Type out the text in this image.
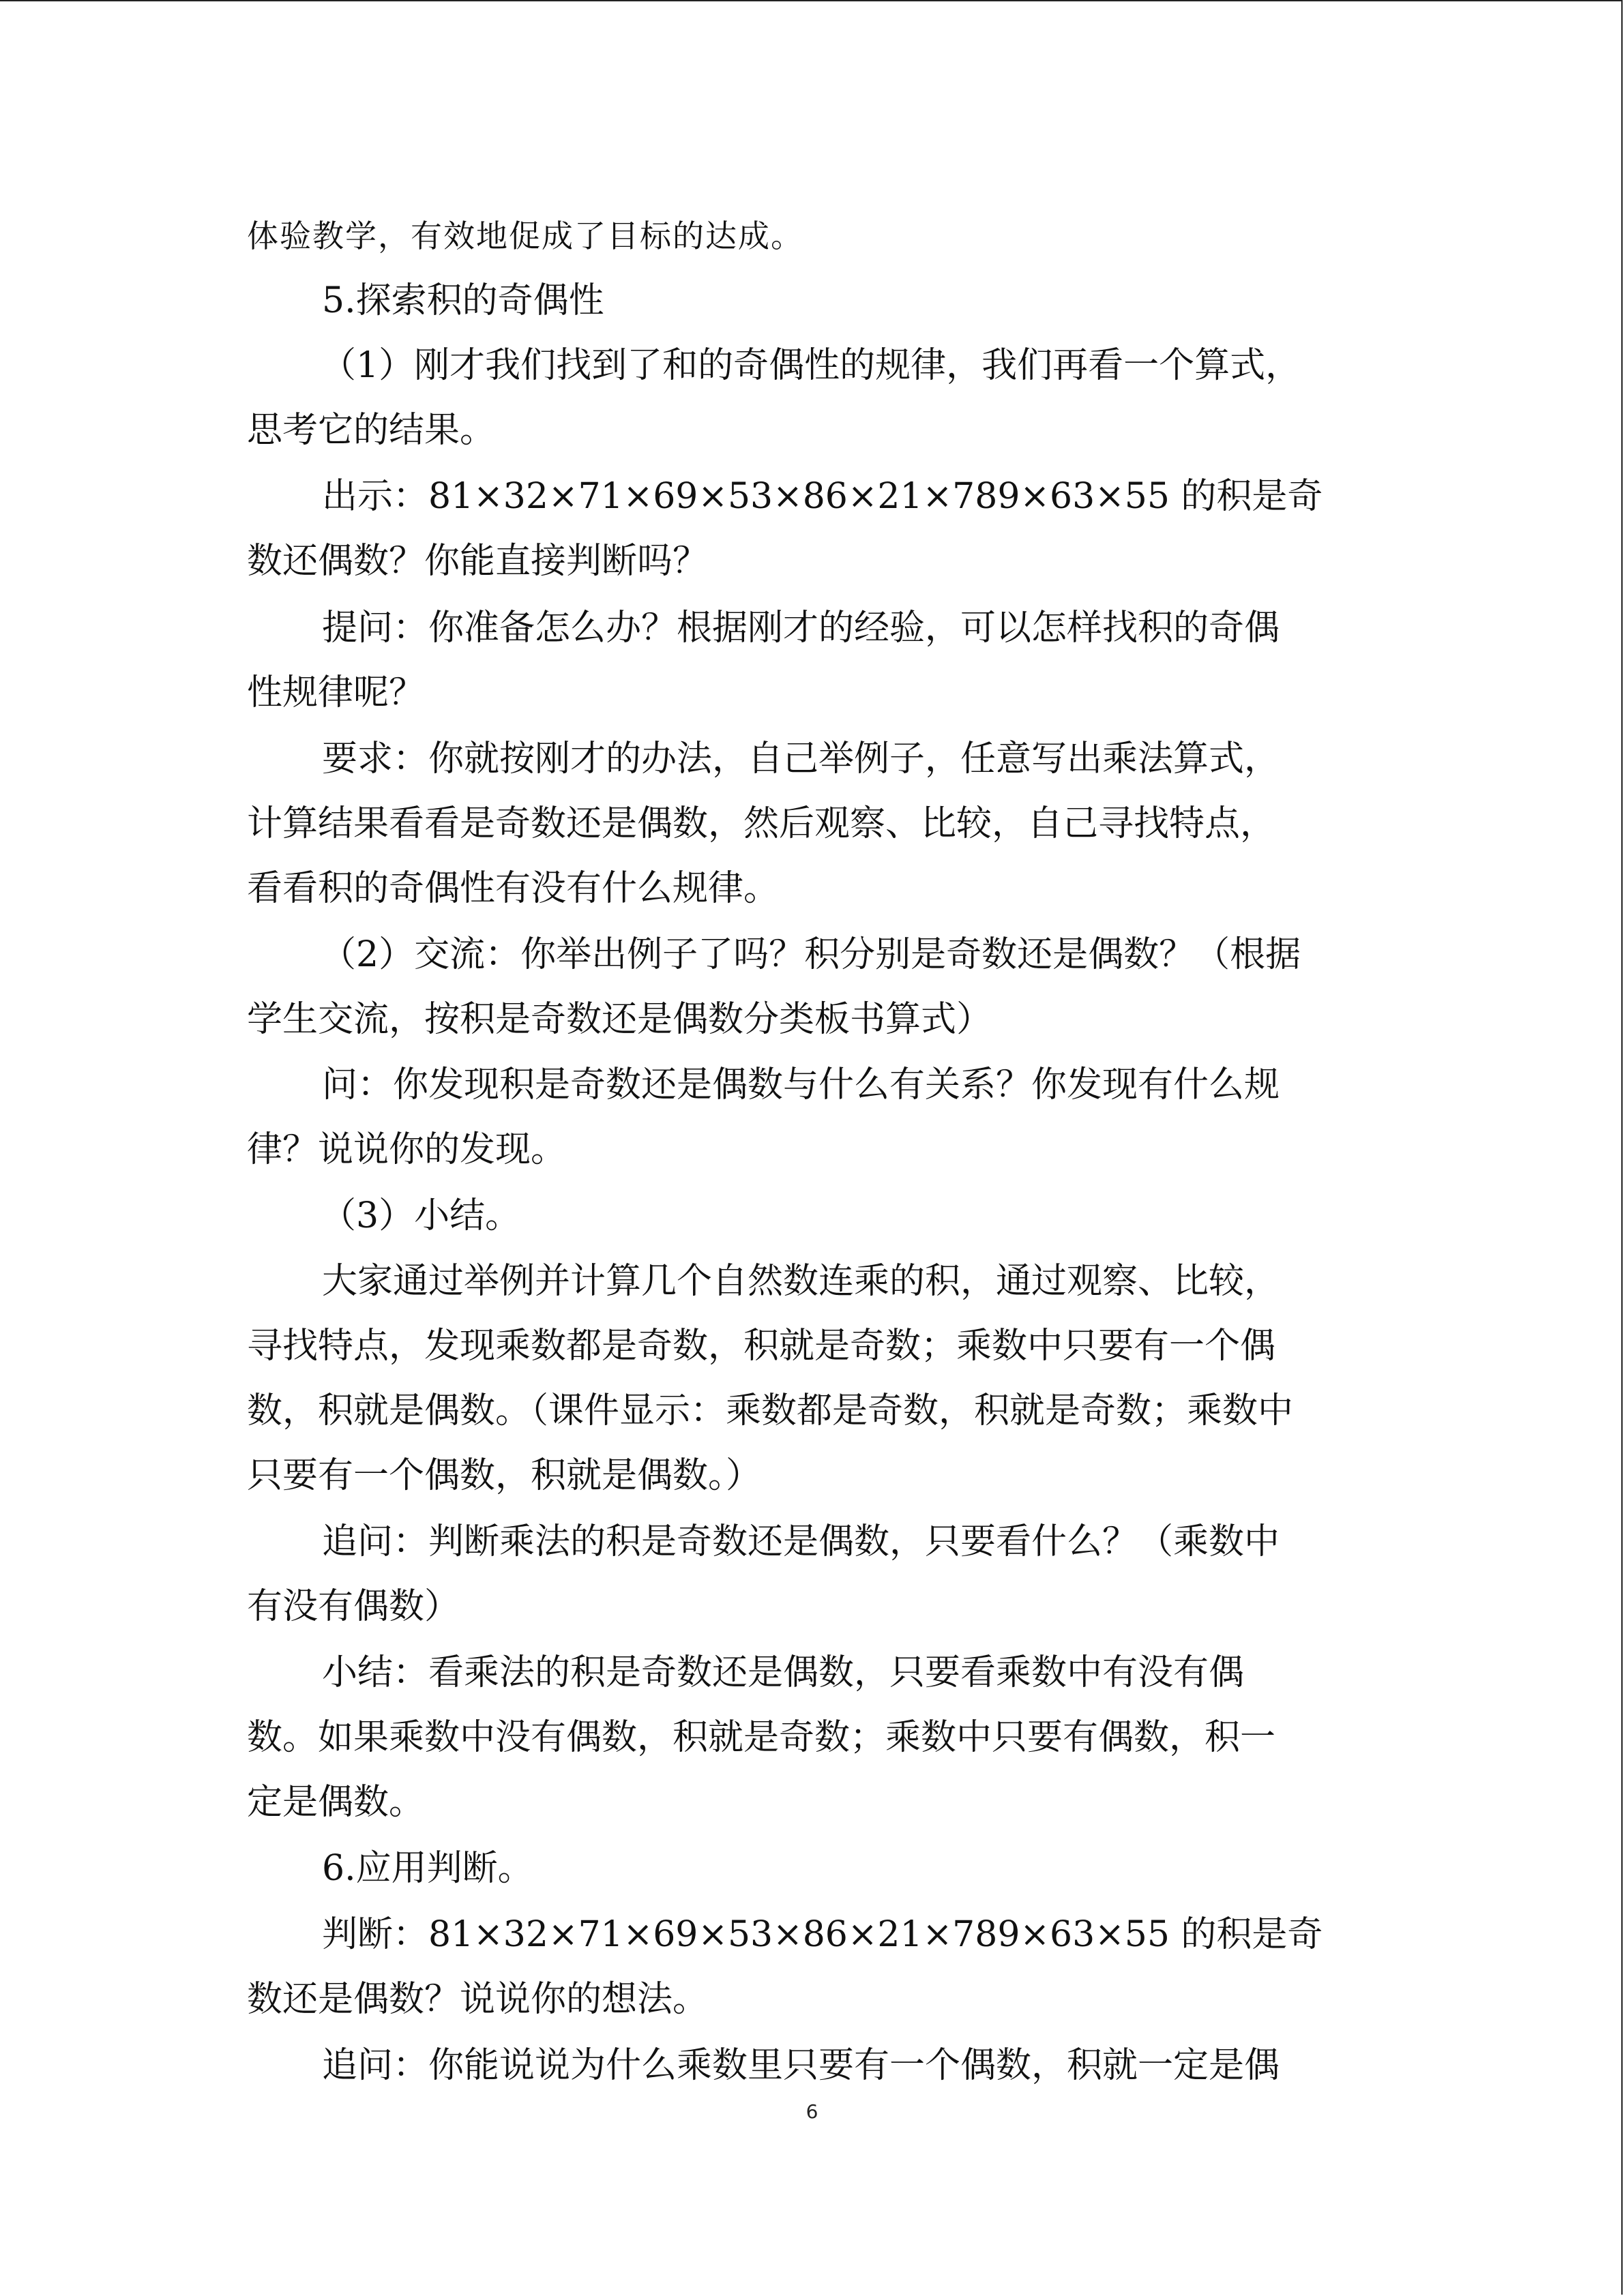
体验教学，有效地促成了目标的达成。
5.探索积的奇偶性
（1）刚才我们找到了和的奇偶性的规律，我们再看一个算式，
思考它的结果。
出示：81×32×71×69×53×86×21×789×63×55 的积是奇
数还偶数？你能直接判断吗？
提问：你准备怎么办？根据刚才的经验，可以怎样找积的奇偶
性规律呢？
要求：你就按刚才的办法，自己举例子，任意写出乘法算式，
计算结果看看是奇数还是偶数，然后观察、比较，自己寻找特点，
看看积的奇偶性有没有什么规律。
（2）交流：你举出例子了吗？积分别是奇数还是偶数？（根据
学生交流，按积是奇数还是偶数分类板书算式）
问：你发现积是奇数还是偶数与什么有关系？你发现有什么规
律？说说你的发现。
（3）小结。
大家通过举例并计算几个自然数连乘的积，通过观察、比较，
寻找特点，发现乘数都是奇数，积就是奇数；乘数中只要有一个偶
数，积就是偶数。（课件显示：乘数都是奇数，积就是奇数；乘数中
只要有一个偶数，积就是偶数。）
追问：判断乘法的积是奇数还是偶数，只要看什么？（乘数中
有没有偶数）
小结：看乘法的积是奇数还是偶数，只要看乘数中有没有偶
数。如果乘数中没有偶数，积就是奇数；乘数中只要有偶数，积一
定是偶数。
6.应用判断。
判断：81×32×71×69×53×86×21×789×63×55 的积是奇
数还是偶数？说说你的想法。
追问：你能说说为什么乘数里只要有一个偶数，积就一定是偶
6
